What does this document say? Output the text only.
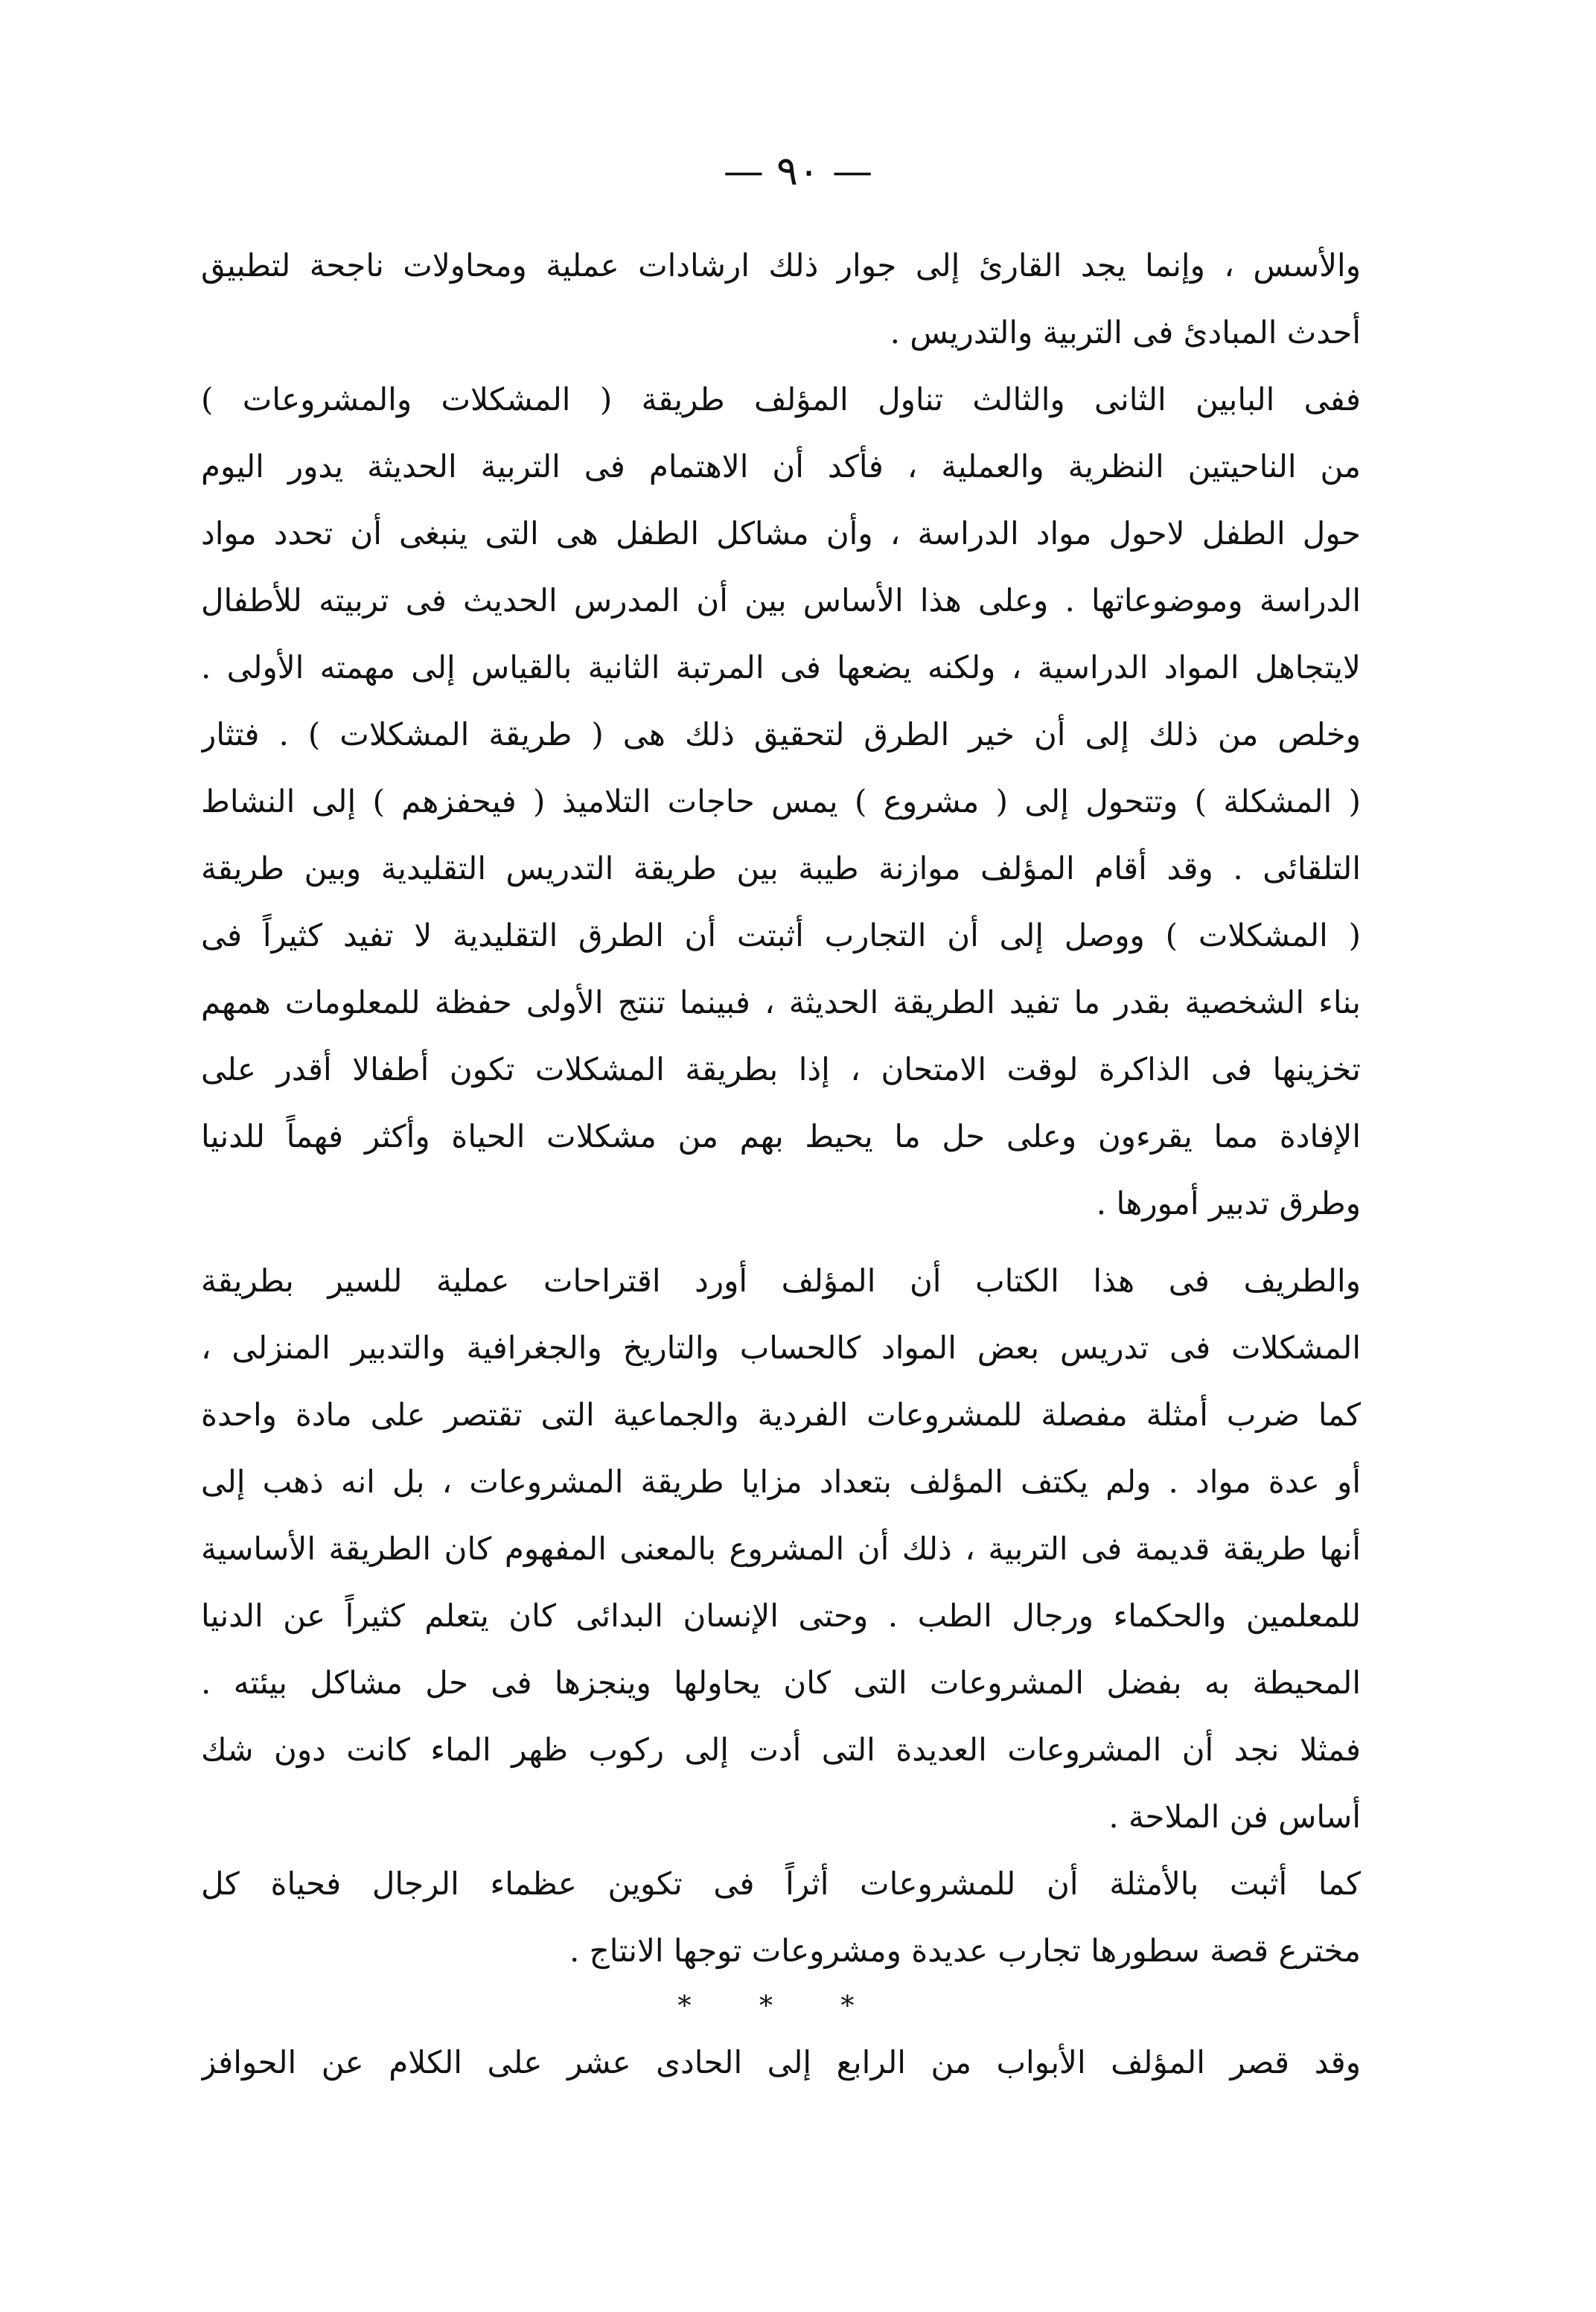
— ٩٠ —
والأسس ، وإنما يجد القارئ إلى جوار ذلك ارشادات عملية ومحاولات ناجحة لتطبيق
أحدث المبادئ فى التربية والتدريس .
ففى البابين الثانى والثالث تناول المؤلف طريقة ( المشكلات والمشروعات )
من الناحيتين النظرية والعملية ، فأكد أن الاهتمام فى التربية الحديثة يدور اليوم
حول الطفل لاحول مواد الدراسة ، وأن مشاكل الطفل هى التى ينبغى أن تحدد مواد
الدراسة وموضوعاتها . وعلى هذا الأساس بين أن المدرس الحديث فى تربيته للأطفال
لايتجاهل المواد الدراسية ، ولكنه يضعها فى المرتبة الثانية بالقياس إلى مهمته الأولى .
وخلص من ذلك إلى أن خير الطرق لتحقيق ذلك هى ( طريقة المشكلات ) . فتثار
( المشكلة ) وتتحول إلى ( مشروع ) يمس حاجات التلاميذ ( فيحفزهم ) إلى النشاط
التلقائى . وقد أقام المؤلف موازنة طيبة بين طريقة التدريس التقليدية وبين طريقة
( المشكلات ) ووصل إلى أن التجارب أثبتت أن الطرق التقليدية لا تفيد كثيراً فى
بناء الشخصية بقدر ما تفيد الطريقة الحديثة ، فبينما تنتج الأولى حفظة للمعلومات همهم
تخزينها فى الذاكرة لوقت الامتحان ، إذا بطريقة المشكلات تكون أطفالا أقدر على
الإفادة مما يقرءون وعلى حل ما يحيط بهم من مشكلات الحياة وأكثر فهماً للدنيا
وطرق تدبير أمورها .
والطريف فى هذا الكتاب أن المؤلف أورد اقتراحات عملية للسير بطريقة
المشكلات فى تدريس بعض المواد كالحساب والتاريخ والجغرافية والتدبير المنزلى ،
كما ضرب أمثلة مفصلة للمشروعات الفردية والجماعية التى تقتصر على مادة واحدة
أو عدة مواد . ولم يكتف المؤلف بتعداد مزايا طريقة المشروعات ، بل انه ذهب إلى
أنها طريقة قديمة فى التربية ، ذلك أن المشروع بالمعنى المفهوم كان الطريقة الأساسية
للمعلمين والحكماء ورجال الطب . وحتى الإنسان البدائى كان يتعلم كثيراً عن الدنيا
المحيطة به بفضل المشروعات التى كان يحاولها وينجزها فى حل مشاكل بيئته .
فمثلا نجد أن المشروعات العديدة التى أدت إلى ركوب ظهر الماء كانت دون شك
أساس فن الملاحة .
كما أثبت بالأمثلة أن للمشروعات أثراً فى تكوين عظماء الرجال فحياة كل
مخترع قصة سطورها تجارب عديدة ومشروعات توجها الانتاج .
* * *
وقد قصر المؤلف الأبواب من الرابع إلى الحادى عشر على الكلام عن الحوافز
